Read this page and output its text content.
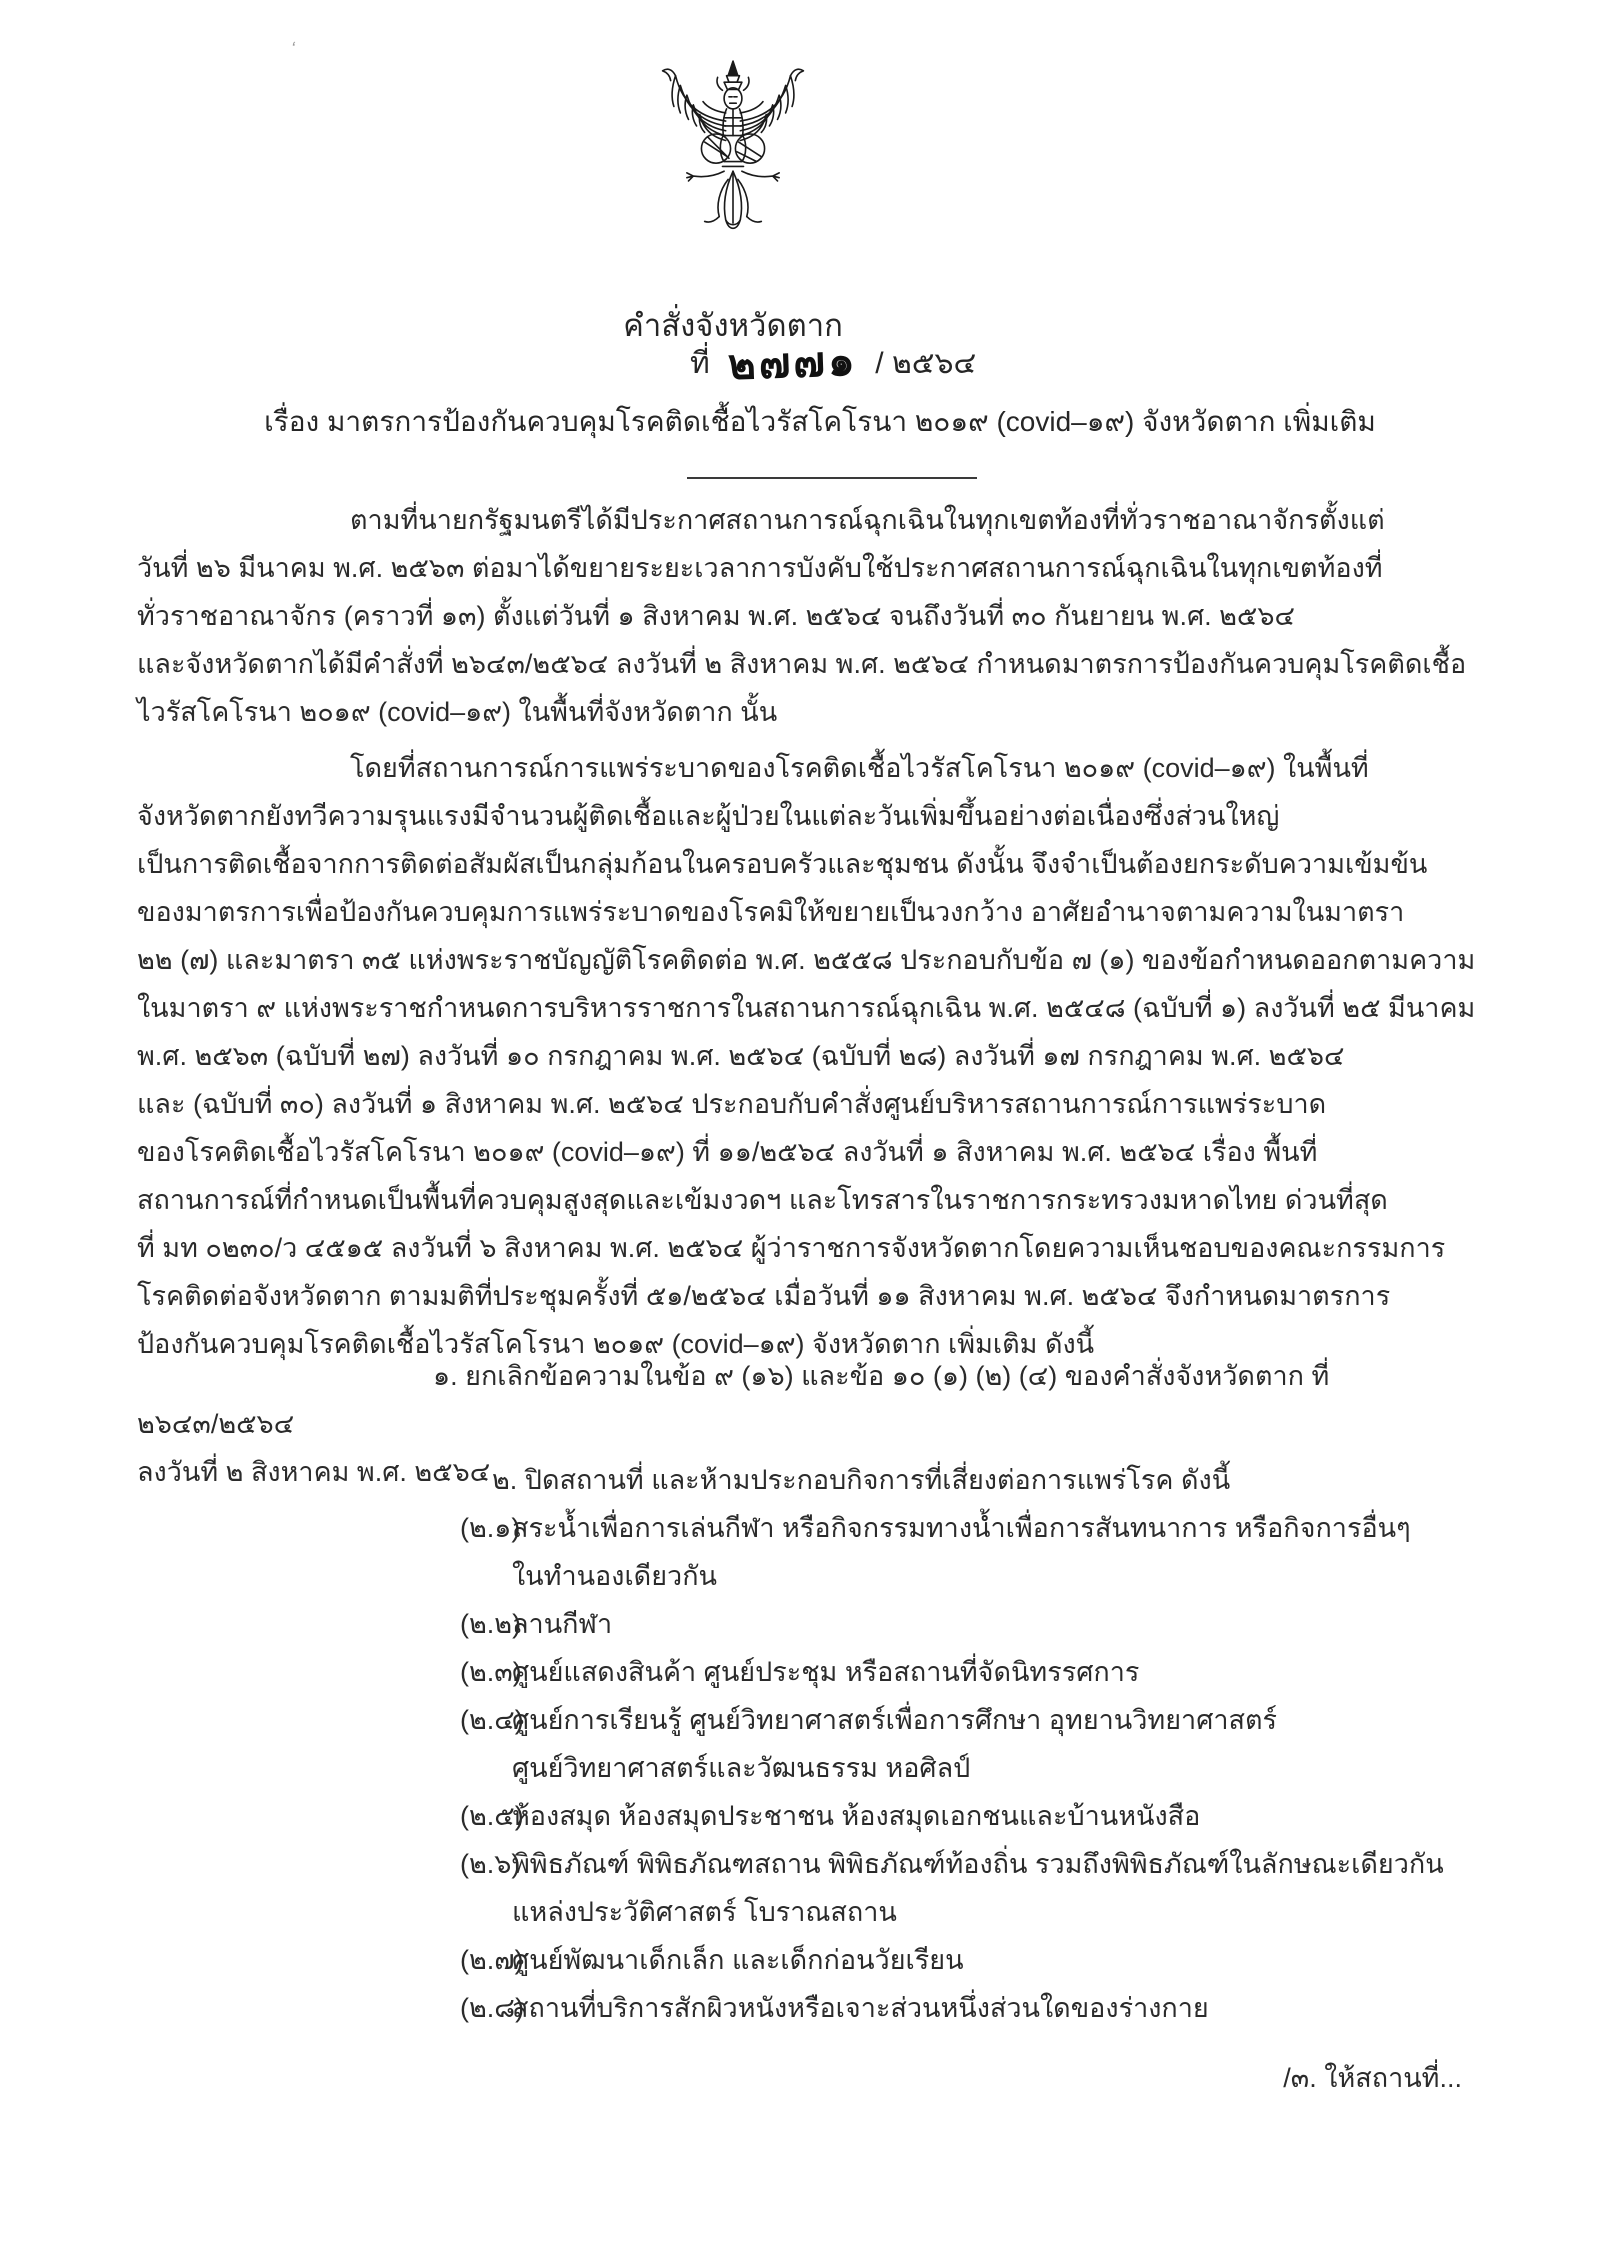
‘
คำสั่งจังหวัดตาก
ที่ ๒๗๗๑ / ๒๕๖๔
เรื่อง มาตรการป้องกันควบคุมโรคติดเชื้อไวรัสโคโรนา ๒๐๑๙ (covid–๑๙) จังหวัดตาก เพิ่มเติม
ตามที่นายกรัฐมนตรีได้มีประกาศสถานการณ์ฉุกเฉินในทุกเขตท้องที่ทั่วราชอาณาจักรตั้งแต่
วันที่ ๒๖ มีนาคม พ.ศ. ๒๕๖๓ ต่อมาได้ขยายระยะเวลาการบังคับใช้ประกาศสถานการณ์ฉุกเฉินในทุกเขตท้องที่
ทั่วราชอาณาจักร (คราวที่ ๑๓) ตั้งแต่วันที่ ๑ สิงหาคม พ.ศ. ๒๕๖๔ จนถึงวันที่ ๓๐ กันยายน พ.ศ. ๒๕๖๔
และจังหวัดตากได้มีคำสั่งที่ ๒๖๔๓/๒๕๖๔ ลงวันที่ ๒ สิงหาคม พ.ศ. ๒๕๖๔ กำหนดมาตรการป้องกันควบคุมโรคติดเชื้อ
ไวรัสโคโรนา ๒๐๑๙ (covid–๑๙) ในพื้นที่จังหวัดตาก นั้น
โดยที่สถานการณ์การแพร่ระบาดของโรคติดเชื้อไวรัสโคโรนา ๒๐๑๙ (covid–๑๙) ในพื้นที่
จังหวัดตากยังทวีความรุนแรงมีจำนวนผู้ติดเชื้อและผู้ป่วยในแต่ละวันเพิ่มขึ้นอย่างต่อเนื่องซึ่งส่วนใหญ่
เป็นการติดเชื้อจากการติดต่อสัมผัสเป็นกลุ่มก้อนในครอบครัวและชุมชน ดังนั้น จึงจำเป็นต้องยกระดับความเข้มข้น
ของมาตรการเพื่อป้องกันควบคุมการแพร่ระบาดของโรคมิให้ขยายเป็นวงกว้าง อาศัยอำนาจตามความในมาตรา
๒๒ (๗) และมาตรา ๓๕ แห่งพระราชบัญญัติโรคติดต่อ พ.ศ. ๒๕๕๘ ประกอบกับข้อ ๗ (๑) ของข้อกำหนดออกตามความ
ในมาตรา ๙ แห่งพระราชกำหนดการบริหารราชการในสถานการณ์ฉุกเฉิน พ.ศ. ๒๕๔๘ (ฉบับที่ ๑) ลงวันที่ ๒๕ มีนาคม
พ.ศ. ๒๕๖๓ (ฉบับที่ ๒๗) ลงวันที่ ๑๐ กรกฎาคม พ.ศ. ๒๕๖๔ (ฉบับที่ ๒๘) ลงวันที่ ๑๗ กรกฎาคม พ.ศ. ๒๕๖๔
และ (ฉบับที่ ๓๐) ลงวันที่ ๑ สิงหาคม พ.ศ. ๒๕๖๔ ประกอบกับคำสั่งศูนย์บริหารสถานการณ์การแพร่ระบาด
ของโรคติดเชื้อไวรัสโคโรนา ๒๐๑๙ (covid–๑๙) ที่ ๑๑/๒๕๖๔ ลงวันที่ ๑ สิงหาคม พ.ศ. ๒๕๖๔ เรื่อง พื้นที่
สถานการณ์ที่กำหนดเป็นพื้นที่ควบคุมสูงสุดและเข้มงวดฯ และโทรสารในราชการกระทรวงมหาดไทย ด่วนที่สุด
ที่ มท ๐๒๓๐/ว ๔๕๑๕ ลงวันที่ ๖ สิงหาคม พ.ศ. ๒๕๖๔ ผู้ว่าราชการจังหวัดตากโดยความเห็นชอบของคณะกรรมการ
โรคติดต่อจังหวัดตาก ตามมติที่ประชุมครั้งที่ ๕๑/๒๕๖๔ เมื่อวันที่ ๑๑ สิงหาคม พ.ศ. ๒๕๖๔ จึงกำหนดมาตรการ
ป้องกันควบคุมโรคติดเชื้อไวรัสโคโรนา ๒๐๑๙ (covid–๑๙) จังหวัดตาก เพิ่มเติม ดังนี้
๑. ยกเลิกข้อความในข้อ ๙ (๑๖) และข้อ ๑๐ (๑) (๒) (๔) ของคำสั่งจังหวัดตาก ที่ ๒๖๔๓/๒๕๖๔
ลงวันที่ ๒ สิงหาคม พ.ศ. ๒๕๖๔ ๒. ปิดสถานที่ และห้ามประกอบกิจการที่เสี่ยงต่อการแพร่โรค ดังนี้
(๒.๑)
สระน้ำเพื่อการเล่นกีฬา หรือกิจกรรมทางน้ำเพื่อการสันทนาการ หรือกิจการอื่นๆ
ในทำนองเดียวกัน
(๒.๒)
ลานกีฬา
(๒.๓)
ศูนย์แสดงสินค้า ศูนย์ประชุม หรือสถานที่จัดนิทรรศการ
(๒.๔)
ศูนย์การเรียนรู้ ศูนย์วิทยาศาสตร์เพื่อการศึกษา อุทยานวิทยาศาสตร์
ศูนย์วิทยาศาสตร์และวัฒนธรรม หอศิลป์
(๒.๕)
ห้องสมุด ห้องสมุดประชาชน ห้องสมุดเอกชนและบ้านหนังสือ
(๒.๖)
พิพิธภัณฑ์ พิพิธภัณฑสถาน พิพิธภัณฑ์ท้องถิ่น รวมถึงพิพิธภัณฑ์ในลักษณะเดียวกัน
แหล่งประวัติศาสตร์ โบราณสถาน
(๒.๗)
ศูนย์พัฒนาเด็กเล็ก และเด็กก่อนวัยเรียน
(๒.๘)
สถานที่บริการสักผิวหนังหรือเจาะส่วนหนึ่งส่วนใดของร่างกาย
/๓. ให้สถานที่...
